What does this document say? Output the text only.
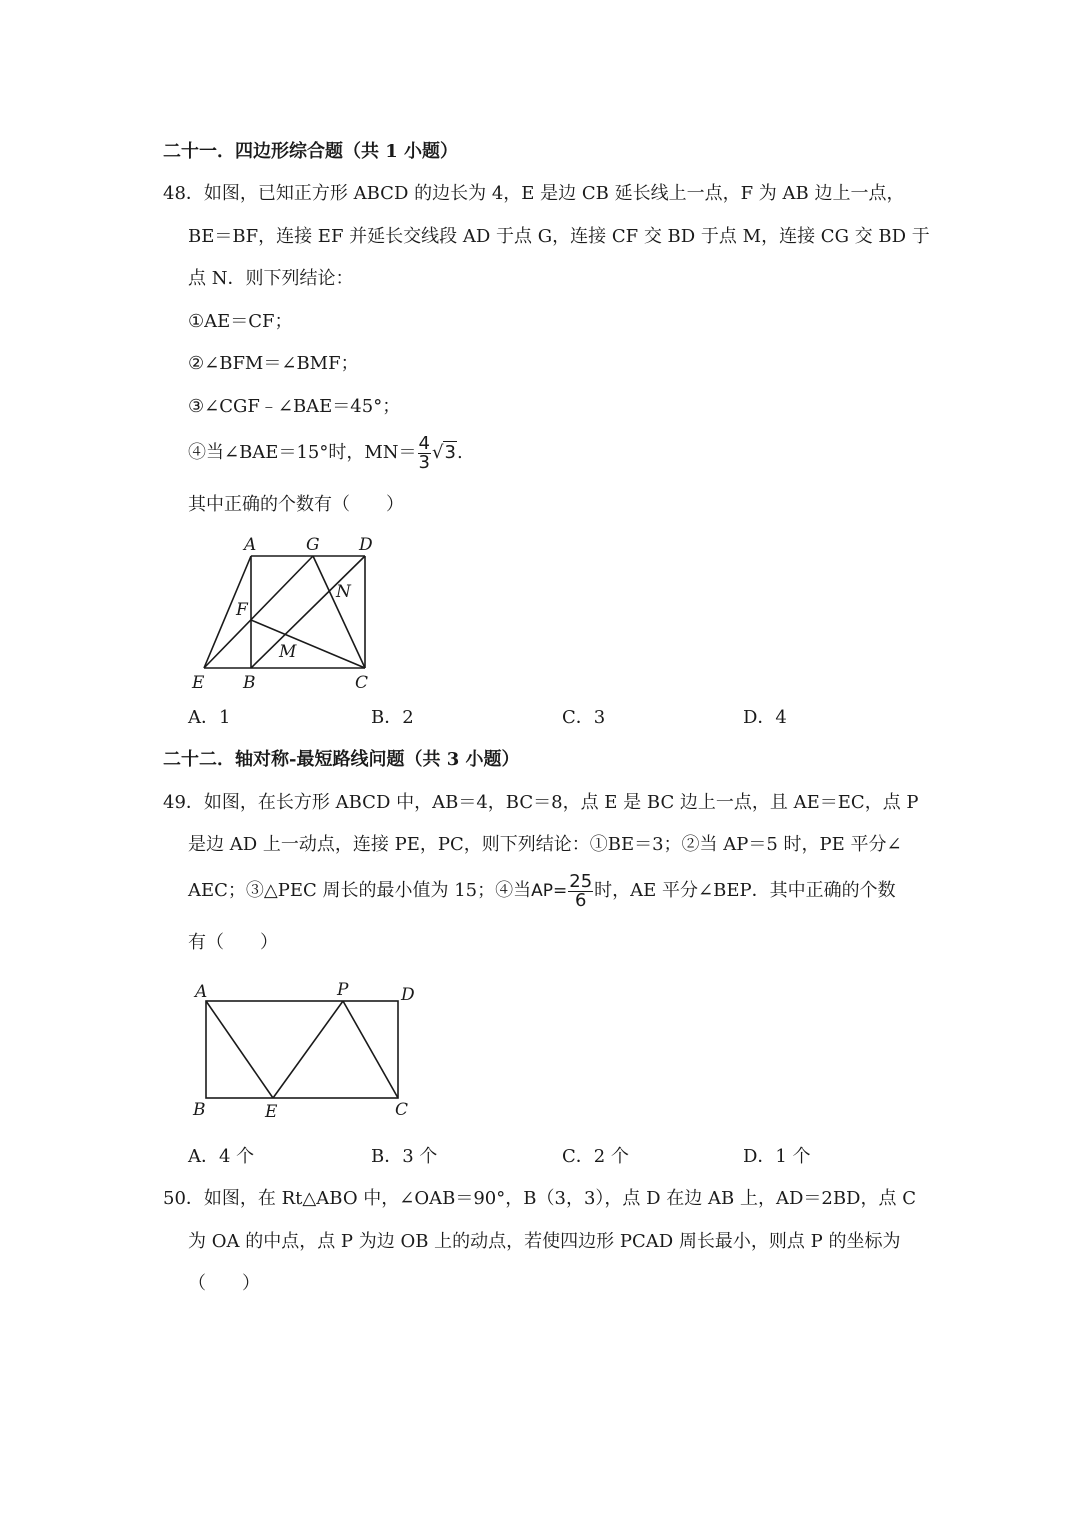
二十一．四边形综合题（共 1 小题）
48．如图，已知正方形 ABCD 的边长为 4，E 是边 CB 延长线上一点，F 为 AB 边上一点，
BE＝BF，连接 EF 并延长交线段 AD 于点 G，连接 CF 交 BD 于点 M，连接 CG 交 BD 于
点 N．则下列结论：
①AE＝CF；
②∠BFM＝∠BMF；
③∠CGF﹣∠BAE＝45°；
④当∠BAE＝15°时，$MN= \frac{4}{3} √3$.
其中正确的个数有（　　）
A	G D
F
N
M
E B	C
A．1	B．2	C．3	D．4
二十二．轴对称-最短路线问题（共 3 小题）
49．如图，在长方形 ABCD 中，AB＝4，BC＝8，点 E 是 BC 边上一点，且 AE＝EC，点 P
是边 AD 上一动点，连接 PE，PC，则下列结论：①BE＝3；②当 AP＝5 时，PE 平分∠
AEC；③△PEC 周长的最小值为 15；④当$AP= \frac{25}{6}$ 时，AE 平分∠BEP．其中正确的个数
有（　　）
A	P	D
B	E	C
A．4 个	B．3 个	C．2 个	D．1 个
50．如图，在 Rt△ABO 中，∠OAB＝90°，B（3，3），点 D 在边 AB 上，AD＝2BD，点 C
为 OA 的中点，点 P 为边 OB 上的动点，若使四边形 PCAD 周长最小，则点 P 的坐标为
（　　）
